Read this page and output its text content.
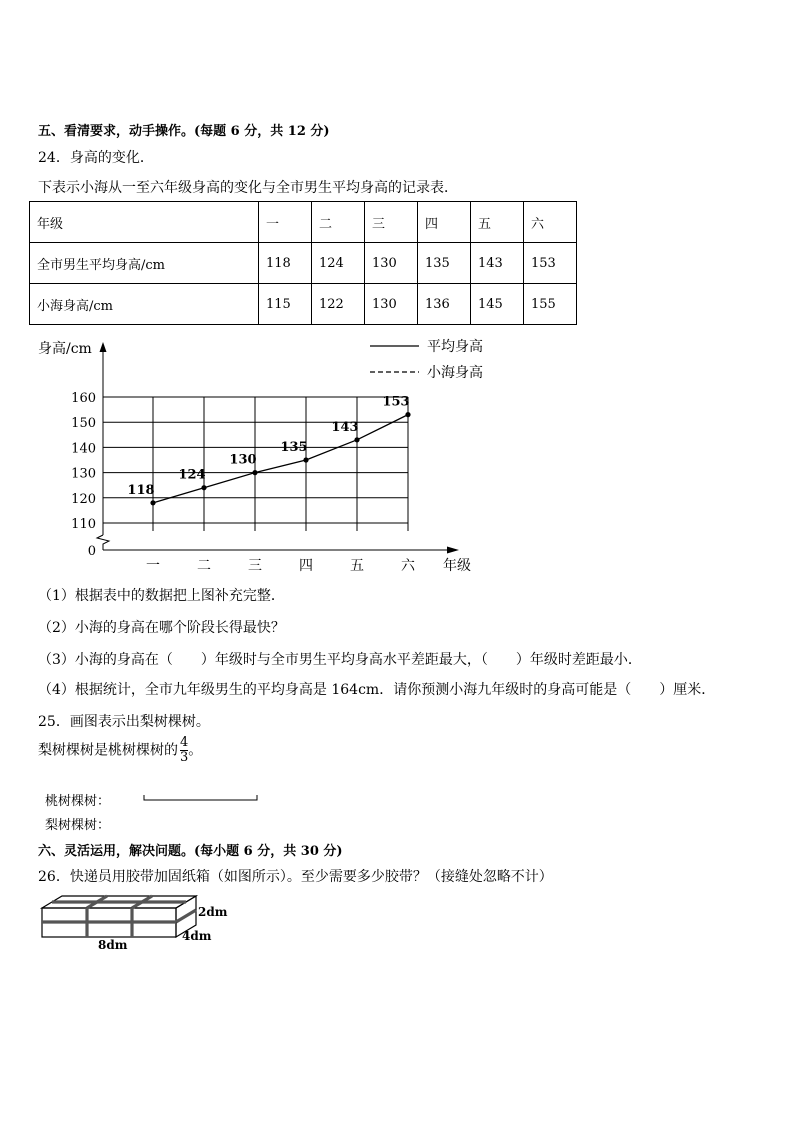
五、看清要求，动手操作。(每题 6 分，共 12 分)
24．身高的变化．
下表示小海从一至六年级身高的变化与全市男生平均身高的记录表．
年级	一	二	三	四	五	六
全市男生平均身高/cm	118	124	130	135	143	153
小海身高/cm	115	122	130	136	145	155
身高/cm
年级
0
110
120
130
140
150
160
一	二	三	四	五	六
118
124
130
135
143
153
平均身高
小海身高
（1）根据表中的数据把上图补充完整．
（2）小海的身高在哪个阶段长得最快？
（3）小海的身高在（　　）年级时与全市男生平均身高水平差距最大，（　　）年级时差距最小．
（4）根据统计，全市九年级男生的平均身高是 164cm．请你预测小海九年级时的身高可能是（　　）厘米．
25．画图表示出梨树棵树。
梨树棵树是桃树棵树的 $\frac{4}{3}$ 。
桃树棵树：
梨树棵树：
六、灵活运用，解决问题。(每小题 6 分，共 30 分)
26．快递员用胶带加固纸箱（如图所示）。至少需要多少胶带？（接缝处忽略不计）
2dm
4dm
8dm
